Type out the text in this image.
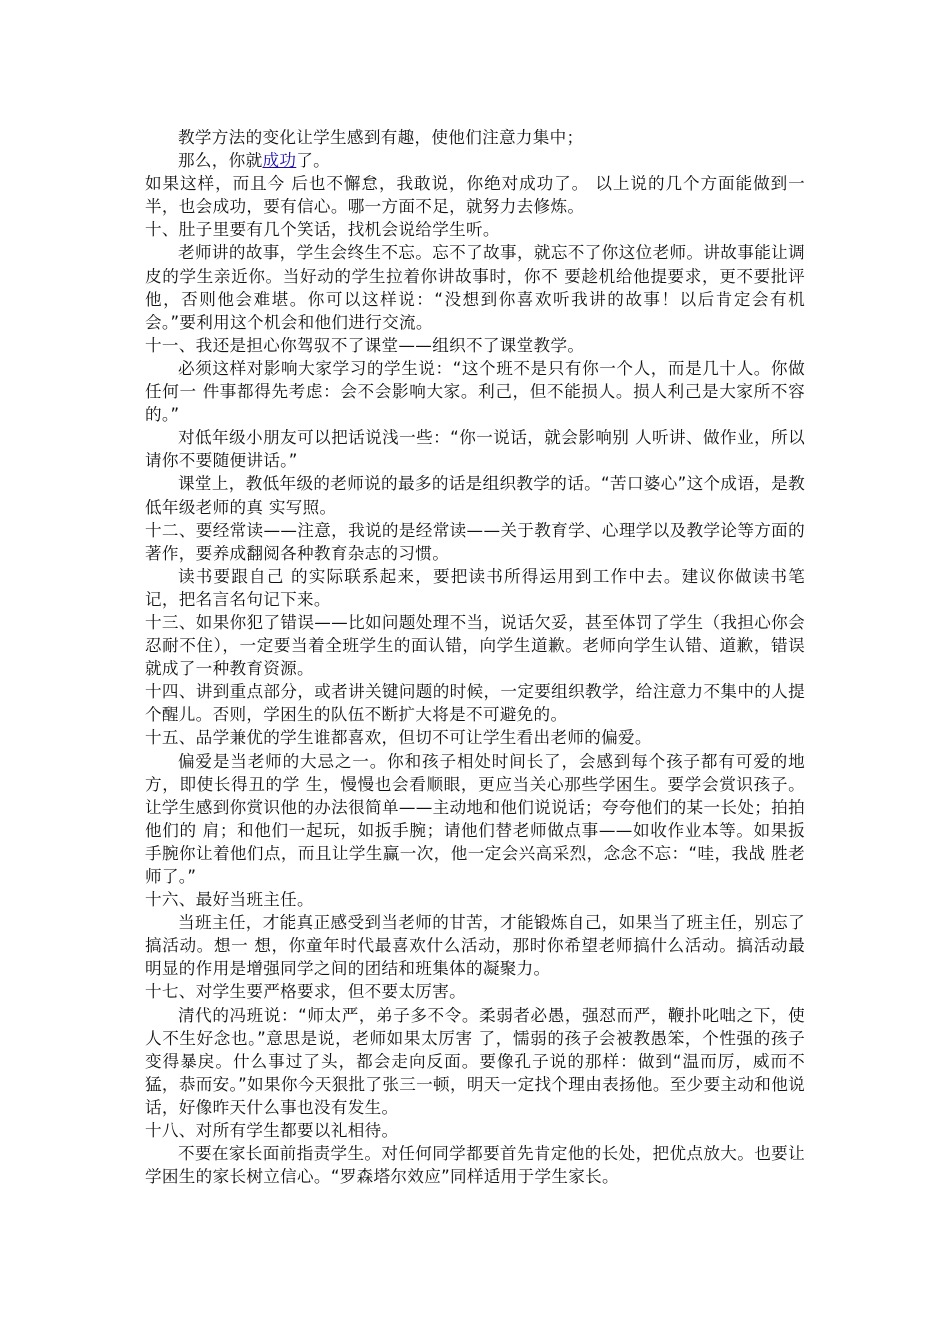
教学方法的变化让学生感到有趣，使他们注意力集中；

那么，你就成功了。

如果这样，而且今 后也不懈怠，我敢说，你绝对成功了。 以上说的几个方面能做到一半，也会成功，要有信心。哪一方面不足，就努力去修炼。

十、肚子里要有几个笑话，找机会说给学生听。

老师讲的故事，学生会终生不忘。忘不了故事，就忘不了你这位老师。讲故事能让调皮的学生亲近你。当好动的学生拉着你讲故事时，你不 要趁机给他提要求，更不要批评他，否则他会难堪。你可以这样说：“没想到你喜欢听我讲的故事！以后肯定会有机会。”要利用这个机会和他们进行交流。

十一、我还是担心你驾驭不了课堂——组织不了课堂教学。

必须这样对影响大家学习的学生说：“这个班不是只有你一个人，而是几十人。你做任何一 件事都得先考虑：会不会影响大家。利己，但不能损人。损人利己是大家所不容的。”

对低年级小朋友可以把话说浅一些：“你一说话，就会影响别 人听讲、做作业，所以请你不要随便讲话。”

课堂上，教低年级的老师说的最多的话是组织教学的话。“苦口婆心”这个成语，是教低年级老师的真 实写照。

十二、要经常读——注意，我说的是经常读——关于教育学、心理学以及教学论等方面的著作，要养成翻阅各种教育杂志的习惯。

读书要跟自己 的实际联系起来，要把读书所得运用到工作中去。建议你做读书笔记，把名言名句记下来。

十三、如果你犯了错误——比如问题处理不当，说话欠妥，甚至体罚了学生（我担心你会忍耐不住），一定要当着全班学生的面认错，向学生道歉。老师向学生认错、道歉，错误就成了一种教育资源。

十四、讲到重点部分，或者讲关键问题的时候，一定要组织教学，给注意力不集中的人提个醒儿。否则，学困生的队伍不断扩大将是不可避免的。

十五、品学兼优的学生谁都喜欢，但切不可让学生看出老师的偏爱。

偏爱是当老师的大忌之一。你和孩子相处时间长了，会感到每个孩子都有可爱的地方，即使长得丑的学 生，慢慢也会看顺眼，更应当关心那些学困生。要学会赏识孩子。让学生感到你赏识他的办法很简单——主动地和他们说说话；夸夸他们的某一长处；拍拍他们的 肩；和他们一起玩，如扳手腕；请他们替老师做点事——如收作业本等。如果扳手腕你让着他们点，而且让学生赢一次，他一定会兴高采烈，念念不忘：“哇，我战 胜老师了。”

十六、最好当班主任。

当班主任，才能真正感受到当老师的甘苦，才能锻炼自己，如果当了班主任，别忘了搞活动。想一 想，你童年时代最喜欢什么活动，那时你希望老师搞什么活动。搞活动最明显的作用是增强同学之间的团结和班集体的凝聚力。

十七、对学生要严格要求，但不要太厉害。

清代的冯班说：“师太严，弟子多不令。柔弱者必愚，强怼而严，鞭扑叱咄之下，使人不生好念也。”意思是说，老师如果太厉害 了，懦弱的孩子会被教愚笨，个性强的孩子变得暴戾。什么事过了头，都会走向反面。要像孔子说的那样：做到“温而厉，威而不猛，恭而安。”如果你今天狠批了张三一顿，明天一定找个理由表扬他。至少要主动和他说话，好像昨天什么事也没有发生。

十八、对所有学生都要以礼相待。

不要在家长面前指责学生。对任何同学都要首先肯定他的长处，把优点放大。也要让学困生的家长树立信心。“罗森塔尔效应”同样适用于学生家长。
